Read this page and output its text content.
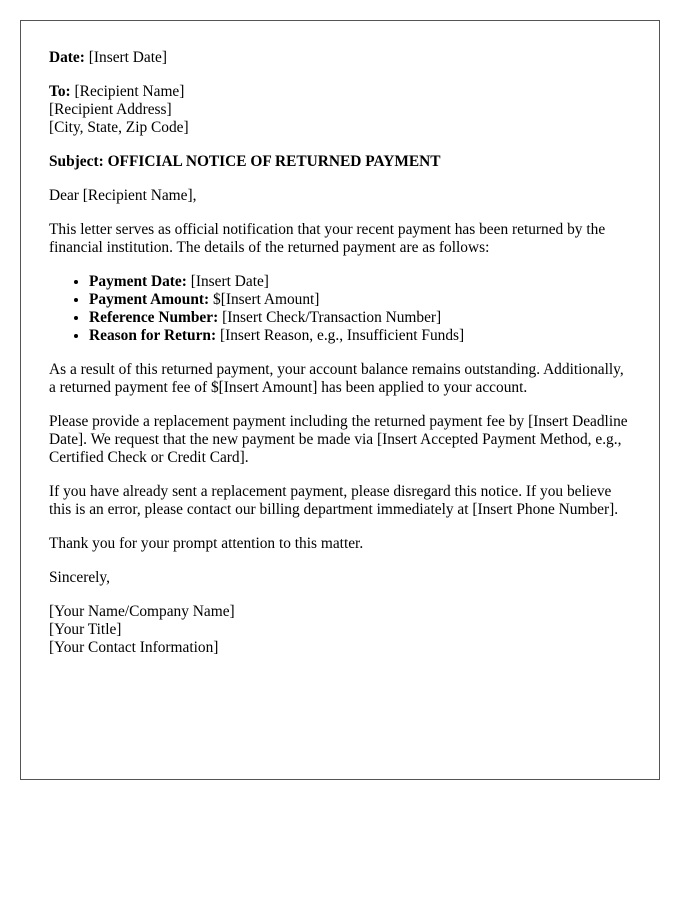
Date: [Insert Date]

To: [Recipient Name]
[Recipient Address]
[City, State, Zip Code]

Subject: OFFICIAL NOTICE OF RETURNED PAYMENT

Dear [Recipient Name],

This letter serves as official notification that your recent payment has been returned by the financial institution. The details of the returned payment are as follows:

• Payment Date: [Insert Date]
• Payment Amount: $[Insert Amount]
• Reference Number: [Insert Check/Transaction Number]
• Reason for Return: [Insert Reason, e.g., Insufficient Funds]

As a result of this returned payment, your account balance remains outstanding. Additionally, a returned payment fee of $[Insert Amount] has been applied to your account.

Please provide a replacement payment including the returned payment fee by [Insert Deadline Date]. We request that the new payment be made via [Insert Accepted Payment Method, e.g., Certified Check or Credit Card].

If you have already sent a replacement payment, please disregard this notice. If you believe this is an error, please contact our billing department immediately at [Insert Phone Number].

Thank you for your prompt attention to this matter.

Sincerely,

[Your Name/Company Name]
[Your Title]
[Your Contact Information]
